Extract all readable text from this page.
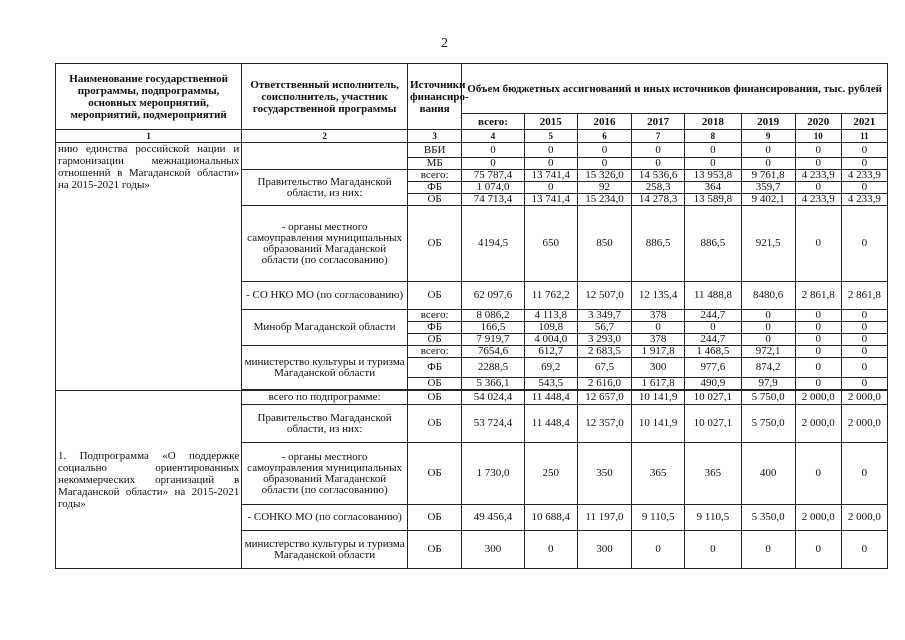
2
Наименование государственной программы, подпрограммы, основных мероприятий, мероприятий, подмероприятий	Ответственный исполнитель, соисполнитель, участник государственной программы	Источники финансиро-вания	Объем бюджетных ассигнований и иных источников финансирования, тыс. рублей							
			всего:	2015	2016	2017	2018	2019	2020	2021
1	2	3	4	5	6	7	8	9	10	11
нию единства российской нации и гармонизации межнациональных отношений в Магаданской области» на 2015-2021 годы»		ВБИ	0	0	0	0	0	0	0	0
		МБ	0	0	0	0	0	0	0	0
	Правительство Магаданской области, из них:	всего:	75 787,4	13 741,4	15 326,0	14 536,6	13 953,8	9 761,8	4 233,9	4 233,9
		ФБ	1 074,0	0	92	258,3	364	359,7	0	0
		ОБ	74 713,4	13 741,4	15 234,0	14 278,3	13 589,8	9 402,1	4 233,9	4 233,9
	- органы местного самоуправления муниципальных образований Магаданской области (по согласованию)	ОБ	4194,5	650	850	886,5	886,5	921,5	0	0
	- СО НКО МО (по согласованию)	ОБ	62 097,6	11 762,2	12 507,0	12 135,4	11 488,8	8480,6	2 861,8	2 861,8
	Минобр Магаданской области	всего:	8 086,2	4 113,8	3 349,7	378	244,7	0	0	0
		ФБ	166,5	109,8	56,7	0	0	0	0	0
		ОБ	7 919,7	4 004,0	3 293,0	378	244,7	0	0	0
	министерство культуры и туризма Магаданской области	всего:	7654,6	612,7	2 683,5	1 917,8	1 468,5	972,1	0	0
		ФБ	2288,5	69,2	67,5	300	977,6	874,2	0	0
		ОБ	5 366,1	543,5	2 616,0	1 617,8	490,9	97,9	0	0

1. Подпрограмма «О поддержке социально ориентированных некоммерческих организаций в Магаданской области» на 2015-2021 годы»	всего по подпрограмме:	ОБ	54 024,4	11 448,4	12 657,0	10 141,9	10 027,1	5 750,0	2 000,0	2 000,0
	Правительство Магаданской области, из них:	ОБ	53 724,4	11 448,4	12 357,0	10 141,9	10 027,1	5 750,0	2 000,0	2 000,0
	- органы местного самоуправления муниципальных образований Магаданской области (по согласованию)	ОБ	1 730,0	250	350	365	365	400	0	0
	- СОНКО МО (по согласованию)	ОБ	49 456,4	10 688,4	11 197,0	9 110,5	9 110,5	5 350,0	2 000,0	2 000,0
	министерство культуры и туризма Магаданской области	ОБ	300	0	300	0	0	0	0	0
